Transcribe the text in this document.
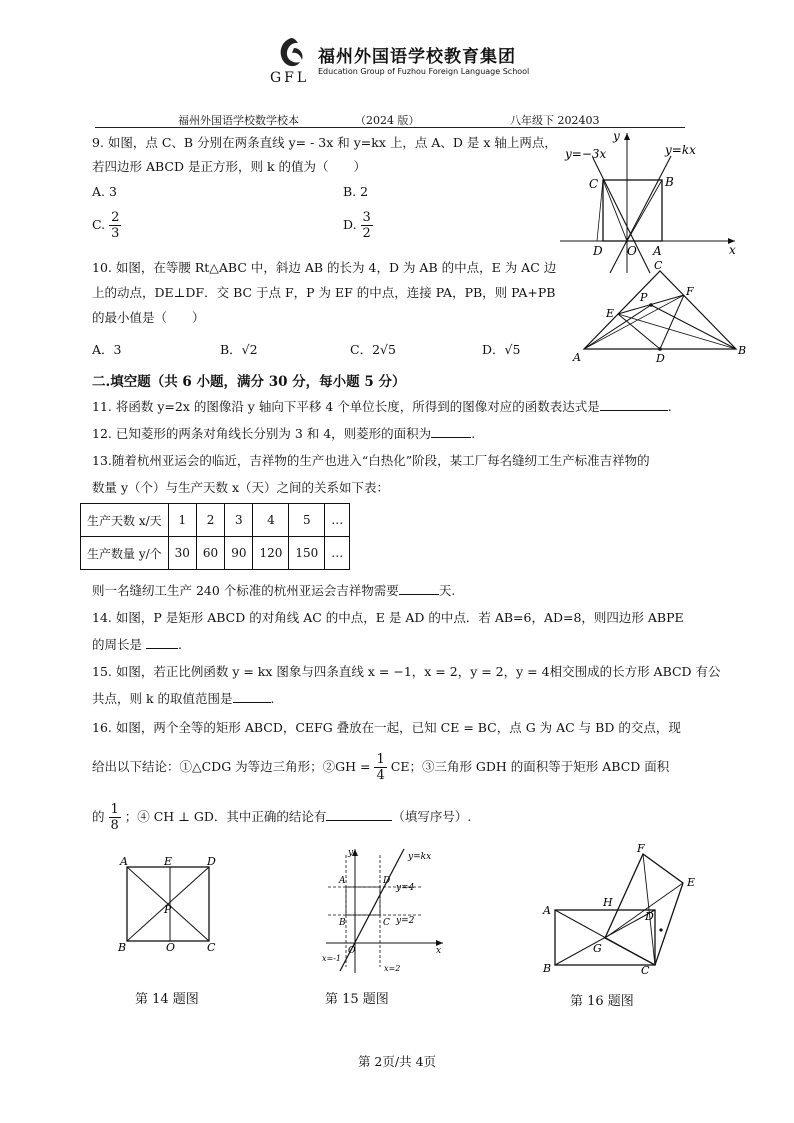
GFL
福州外国语学校教育集团
Education Group of Fuzhou Foreign Language School
福州外国语学校数学校本	（2024 版）	八年级下 202403
9. 如图，点 C、B 分别在两条直线 y= - 3x 和 y=kx 上，点 A、D 是 x 轴上两点，
若四边形 ABCD 是正方形，则 k 的值为（　　）
A. 3	B. 2
C. $\frac{2}{3}$	D. $\frac{3}{2}$
y=−3x	y=kx
C	B
D O A	x
y
10. 如图，在等腰 Rt△ABC 中，斜边 AB 的长为 4，D 为 AB 的中点，E 为 AC 边
上的动点，DE⊥DF．交 BC 于点 F，P 为 EF 的中点，连接 PA，PB，则 PA+PB
的最小值是（　　）
A．3	B．√2	C．2√5	D．√5
C
F
E
P
A	D
B
二.填空题（共 6 小题，满分 30 分，每小题 5 分）
11. 将函数 y=2x 的图像沿 y 轴向下平移 4 个单位长度，所得到的图像对应的函数表达式是	.
12. 已知菱形的两条对角线长分别为 3 和 4，则菱形的面积为	.
13.随着杭州亚运会的临近，吉祥物的生产也进入“白热化”阶段，某工厂每名缝纫工生产标准吉祥物的
数量 y（个）与生产天数 x（天）之间的关系如下表：
生产天数 x/天	1	2	3	4	5	…
生产数量 y/个	30	60	90	120	150	…
则一名缝纫工生产 240 个标准的杭州亚运会吉祥物需要	天.
14. 如图，P 是矩形 ABCD 的对角线 AC 的中点，E 是 AD 的中点．若 AB=6，AD=8，则四边形 ABPE
的周长是	.
15. 如图，若正比例函数 y = kx 图象与四条直线 x = −1，x = 2，y = 2，y = 4相交围成的长方形 ABCD 有公
共点，则 k 的取值范围是	.
16. 如图，两个全等的矩形 ABCD，CEFG 叠放在一起，已知 CE = BC，点 G 为 AC 与 BD 的交点，现
给出以下结论：①△CDG 为等边三角形；②GH = $\frac{1}{4}$ CE；③三角形 GDH 的面积等于矩形 ABCD 面积
的 $\frac{1}{8}$ ；④ CH ⊥ GD．其中正确的结论有	（填写序号）.
A	E	D
P
B	O	C
第 14 题图
y	y=kx
A	D
y=4
B	C y=2
O	x
x=-1
x=2
第 15 题图
F
E
A
H
D
G
B	C
第 16 题图
第 2页/共 4页
